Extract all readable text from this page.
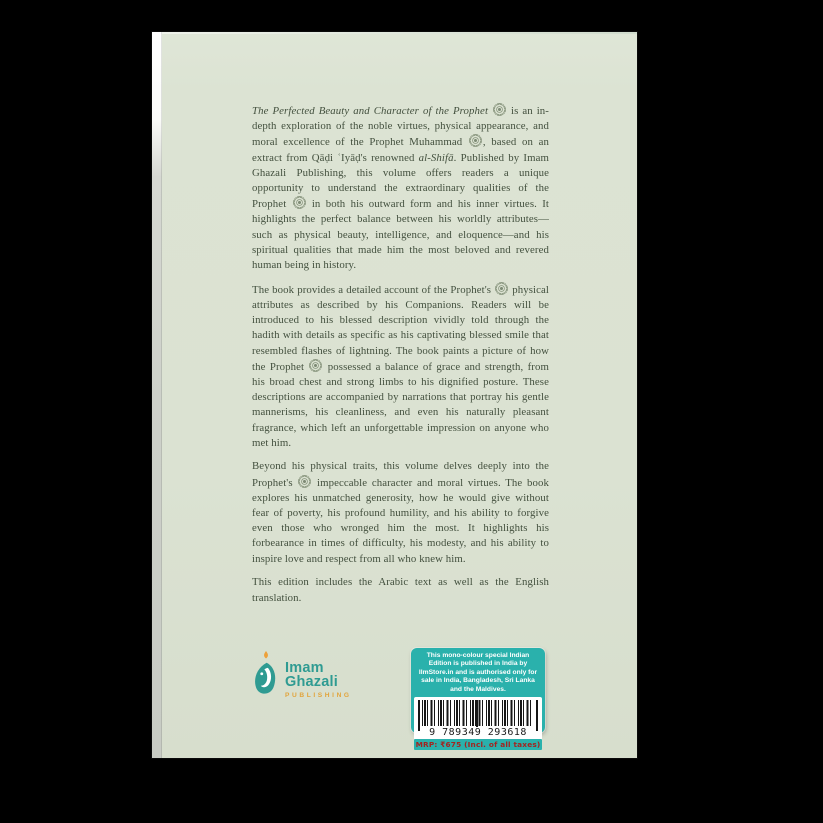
The Perfected Beauty and Character of the Prophet  is an in-depth exploration of the noble virtues, physical appearance, and moral excellence of the Prophet Muhammad , based on an extract from Qāḍi ʿIyāḍ's renowned al-Shifā. Published by Imam Ghazali Publishing, this volume offers readers a unique opportunity to understand the extraordinary qualities of the Prophet  in both his outward form and his inner virtues. It highlights the perfect balance between his worldly attributes—such as physical beauty, intelligence, and eloquence—and his spiritual qualities that made him the most beloved and revered human being in history.

The book provides a detailed account of the Prophet's  physical attributes as described by his Companions. Readers will be introduced to his blessed description vividly told through the hadith with details as specific as his captivating blessed smile that resembled flashes of lightning. The book paints a picture of how the Prophet  possessed a balance of grace and strength, from his broad chest and strong limbs to his dignified posture. These descriptions are accompanied by narrations that portray his gentle mannerisms, his cleanliness, and even his naturally pleasant fragrance, which left an unforgettable impression on anyone who met him.

Beyond his physical traits, this volume delves deeply into the Prophet's  impeccable character and moral virtues. The book explores his unmatched generosity, how he would give without fear of poverty, his profound humility, and his ability to forgive even those who wronged him the most. It highlights his forbearance in times of difficulty, his modesty, and his ability to inspire love and respect from all who knew him.

This edition includes the Arabic text as well as the English translation.

Imam
Ghazali
PUBLISHING
This mono-colour special Indian Edition is published in India by IlmStore.in and is authorised only for sale in India, Bangladesh, Sri Lanka and the Maldives.
9 789349 293618
MRP: ₹675 (Incl. of all taxes)
